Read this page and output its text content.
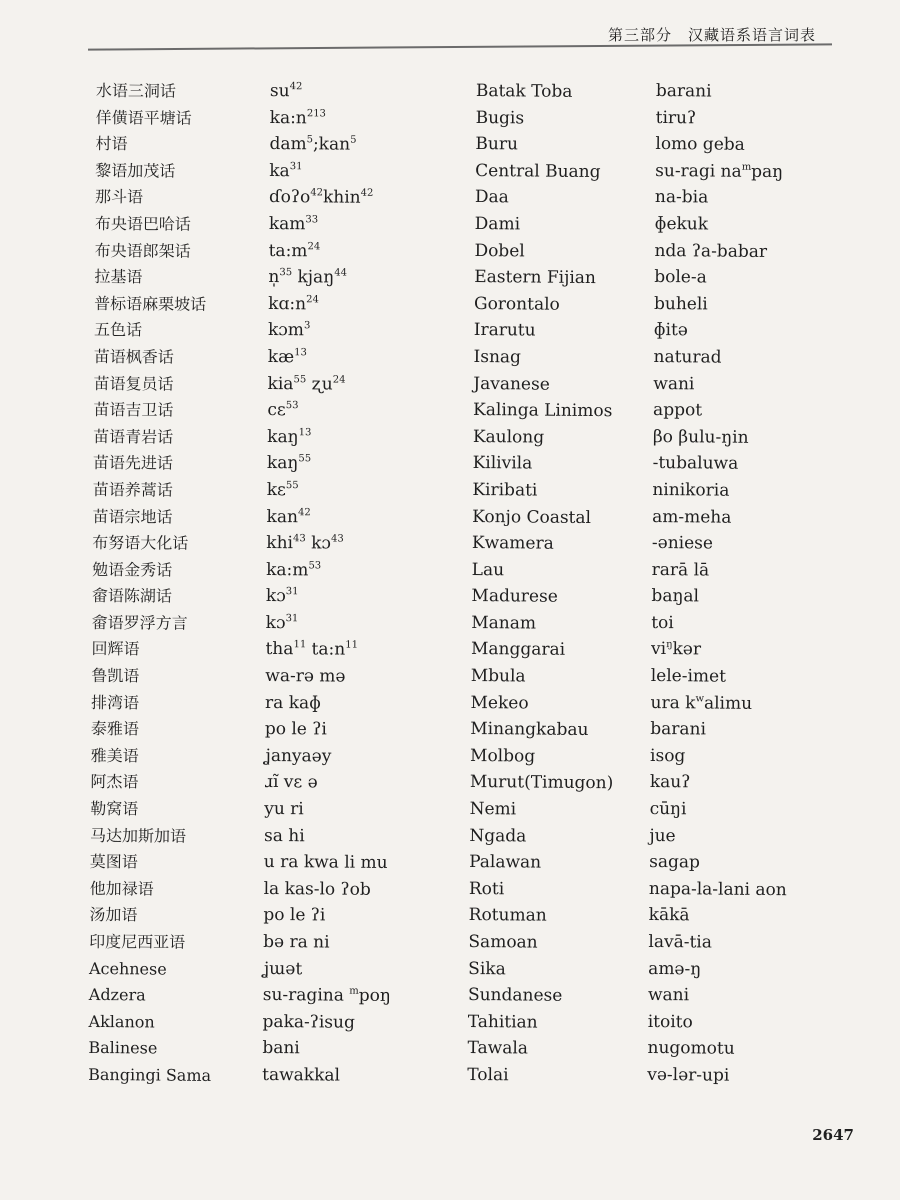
第三部分　汉藏语系语言词表
水语三洞话
佯僙语平塘话
村语
黎语加茂话
那斗语
布央语巴哈话
布央语郎架话
拉基语
普标语麻栗坡话
五色话
苗语枫香话
苗语复员话
苗语吉卫话
苗语青岩话
苗语先进话
苗语养蒿话
苗语宗地话
布努语大化话
勉语金秀话
畲语陈湖话
畲语罗浮方言
回辉语
鲁凯语
排湾语
泰雅语
雅美语
阿杰语
勒窝语
马达加斯加语
莫图语
他加禄语
汤加语
印度尼西亚语
Acehnese
Adzera
Aklanon
Balinese
Bangingi Sama
$su^{42}$
$ka:n^{213}$
dam$^5$;kan$^5$
$ka^{31}$
ɗoʔo$^{42}$khin$^{42}$
kam$^{33}$
$ta:m^{24}$
n̩$^{35}$ kjaŋ$^{44}$
$kɑ:n^{24}$
kɔm$^3$
$kæ^{13}$
kia$^{55}$ ʐu$^{24}$
cɛ$^{53}$
kaŋ$^{13}$
kaŋ$^{55}$
kɛ$^{55}$
kan$^{42}$
khi$^{43}$ kɔ$^{43}$
$ka:m^{53}$
kɔ$^{31}$
kɔ$^{31}$
tha$^{11}$ $ta:n^{11}$
wa-rə mə
ra kaɸ
po le ʔi
ʝanyaəy
ɹĩ vɛ ə
yu ri
sa hi
u ra kwa li mu
la kas-lo ʔob
po le ʔi
bə ra ni
ʝɯət
su-ragina $^m$poŋ
paka-ʔisug
bani
tawakkal
Batak Toba
Bugis
Buru
Central Buang
Daa
Dami
Dobel
Eastern Fijian
Gorontalo
Irarutu
Isnag
Javanese
Kalinga Linimos
Kaulong
Kilivila
Kiribati
Konjo Coastal
Kwamera
Lau
Madurese
Manam
Manggarai
Mbula
Mekeo
Minangkabau
Molbog
Murut(Timugon)
Nemi
Ngada
Palawan
Roti
Rotuman
Samoan
Sika
Sundanese
Tahitian
Tawala
Tolai
barani
tiruʔ
lomo geba
su-ragi $na^mpaŋ$
na-bia
ɸekuk
nda ʔa-babar
bole-a
buheli
ɸitə
naturad
wani
appot
βo βulu-ŋin
-tubaluwa
ninikoria
am-meha
-əniese
rarā lā
baŋal
toi
$vi^ŋkər$
lele-imet
ura $k^walimu$
barani
isog
kauʔ
cūŋi
jue
sagap
napa-la-lani aon
kākā
lavā-tia
amə-ŋ
wani
itoito
nugomotu
və-lər-upi
2647
